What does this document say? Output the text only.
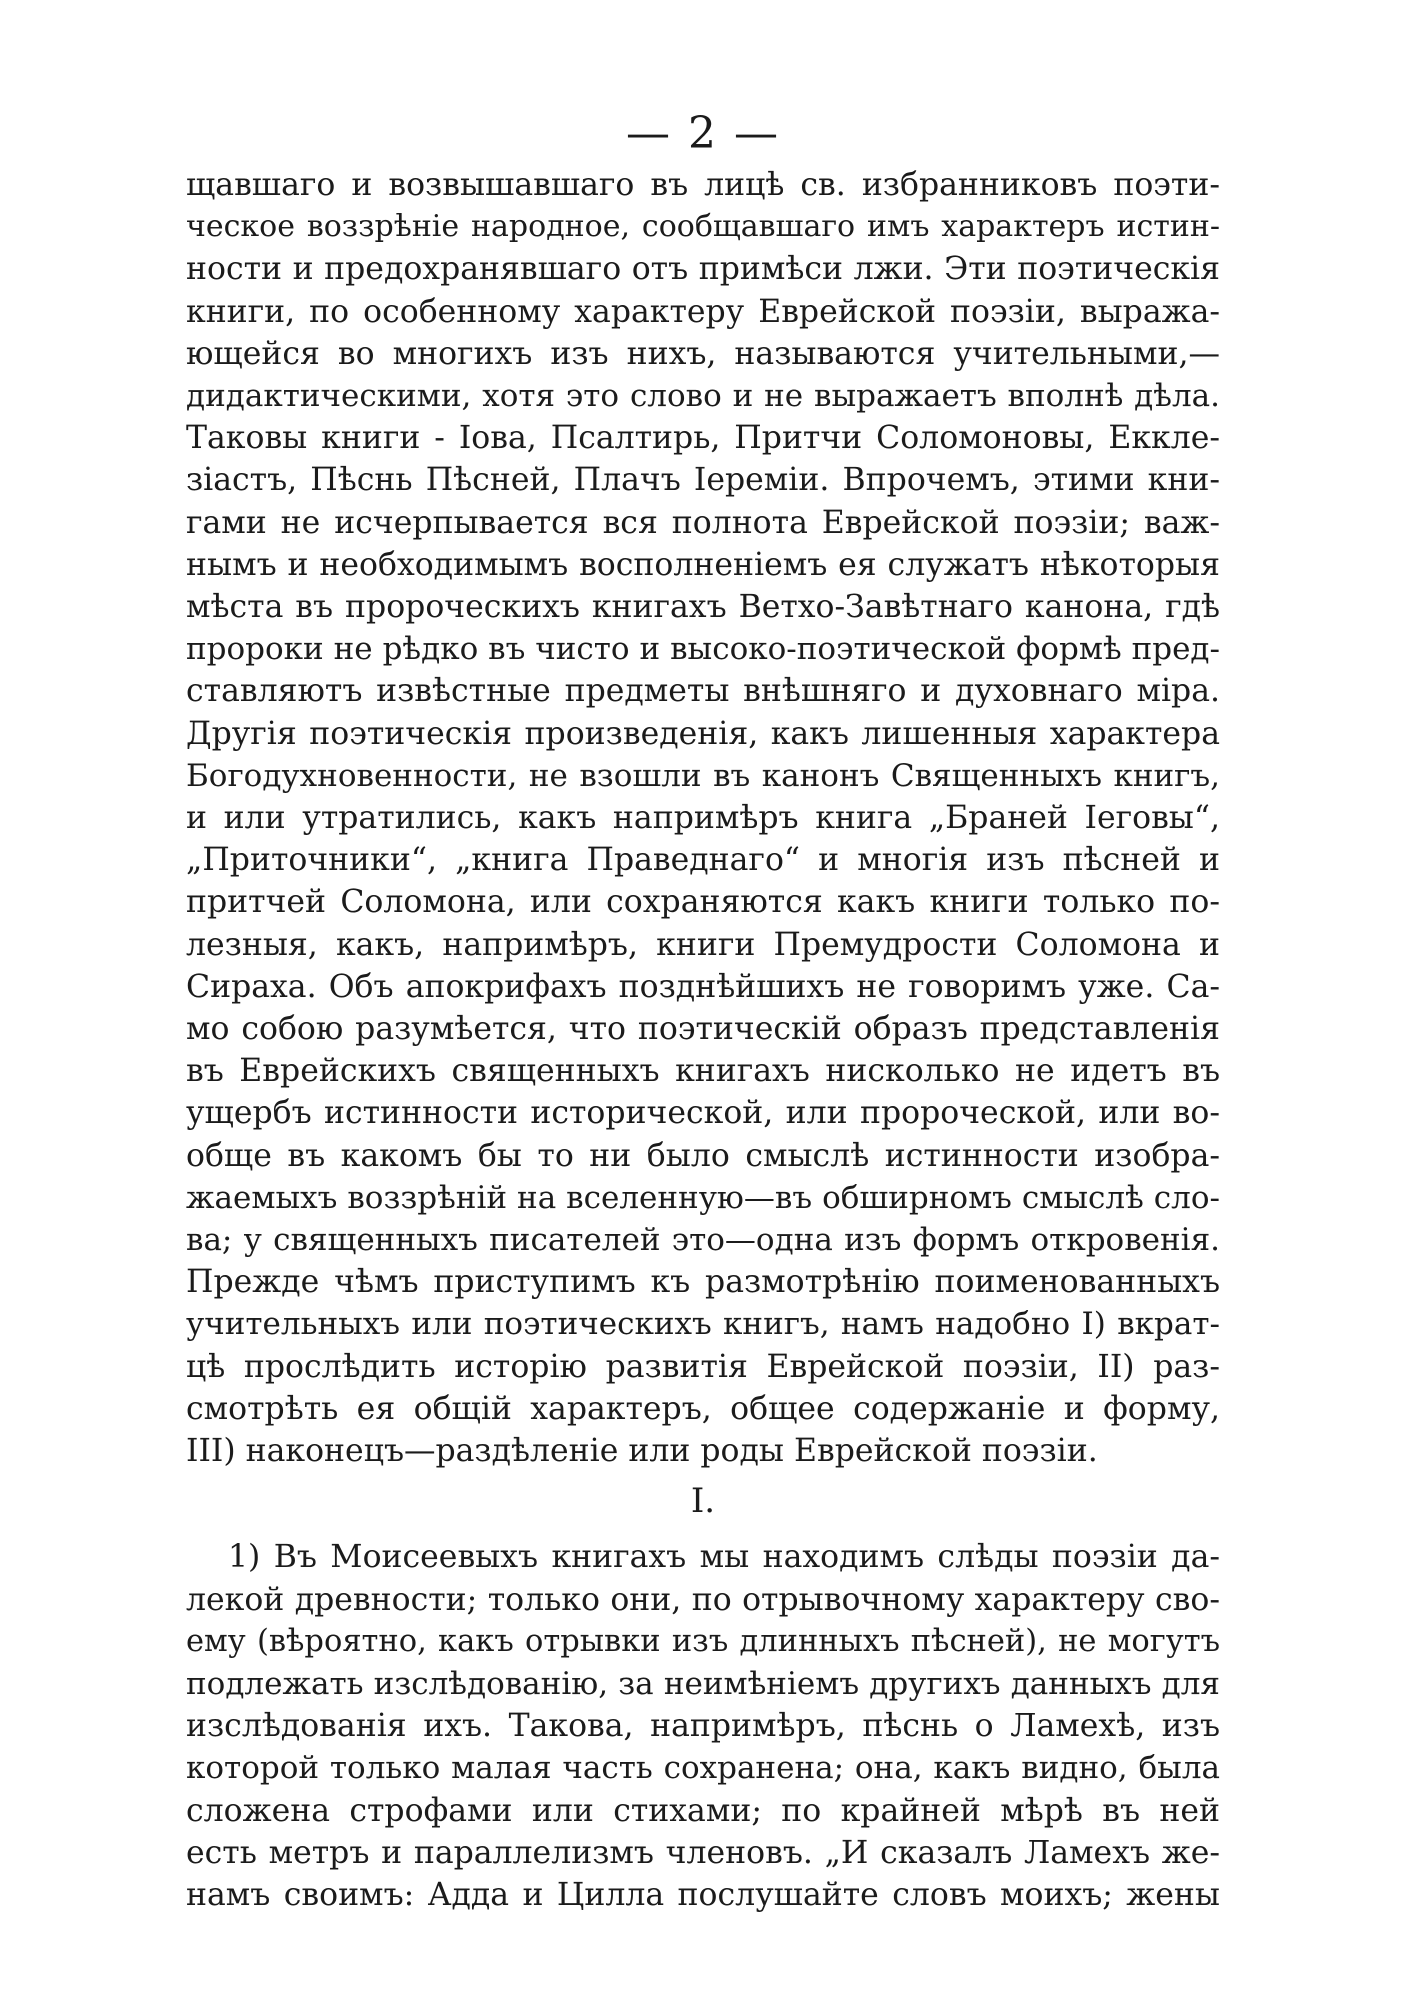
— 2 —
щавшаго и возвышавшаго въ лицѣ св. избранниковъ поэти-
ческое воззрѣніе народное, сообщавшаго имъ характеръ истин-
ности и предохранявшаго отъ примѣси лжи. Эти поэтическія
книги, по особенному характеру Еврейской поэзіи, выража-
ющейся во многихъ изъ нихъ, называются учительными,—
дидактическими, хотя это слово и не выражаетъ вполнѣ дѣла.
Таковы книги - Іова, Псалтирь, Притчи Соломоновы, Еккле-
зіастъ, Пѣснь Пѣсней, Плачъ Іереміи. Впрочемъ, этими кни-
гами не исчерпывается вся полнота Еврейской поэзіи; важ-
нымъ и необходимымъ восполненіемъ ея служатъ нѣкоторыя
мѣста въ пророческихъ книгахъ Ветхо-Завѣтнаго канона, гдѣ
пророки не рѣдко въ чисто и высоко-поэтической формѣ пред-
ставляютъ извѣстные предметы внѣшняго и духовнаго міра.
Другія поэтическія произведенія, какъ лишенныя характера
Богодухновенности, не взошли въ канонъ Священныхъ книгъ,
и или утратились, какъ напримѣръ книга „Браней Іеговы“,
„Приточники“, „книга Праведнаго“ и многія изъ пѣсней и
притчей Соломона, или сохраняются какъ книги только по-
лезныя, какъ, напримѣръ, книги Премудрости Соломона и
Сираха. Объ апокрифахъ позднѣйшихъ не говоримъ уже. Са-
мо собою разумѣется, что поэтическій образъ представленія
въ Еврейскихъ священныхъ книгахъ нисколько не идетъ въ
ущербъ истинности исторической, или пророческой, или во-
обще въ какомъ бы то ни было смыслѣ истинности изобра-
жаемыхъ воззрѣній на вселенную—въ обширномъ смыслѣ сло-
ва; у священныхъ писателей это—одна изъ формъ откровенія.
Прежде чѣмъ приступимъ къ размотрѣнію поименованныхъ
учительныхъ или поэтическихъ книгъ, намъ надобно I) вкрат-
цѣ прослѣдить исторію развитія Еврейской поэзіи, II) раз-
смотрѣть ея общій характеръ, общее содержаніе и форму,
III) наконецъ—раздѣленіе или роды Еврейской поэзіи.
I.
1) Въ Моисеевыхъ книгахъ мы находимъ слѣды поэзіи да-
лекой древности; только они, по отрывочному характеру сво-
ему (вѣроятно, какъ отрывки изъ длинныхъ пѣсней), не могутъ
подлежать изслѣдованію, за неимѣніемъ другихъ данныхъ для
изслѣдованія ихъ. Такова, напримѣръ, пѣснь о Ламехѣ, изъ
которой только малая часть сохранена; она, какъ видно, была
сложена строфами или стихами; по крайней мѣрѣ въ ней
есть метръ и параллелизмъ членовъ. „И сказалъ Ламехъ же-
намъ своимъ: Адда и Цилла послушайте словъ моихъ; жены
